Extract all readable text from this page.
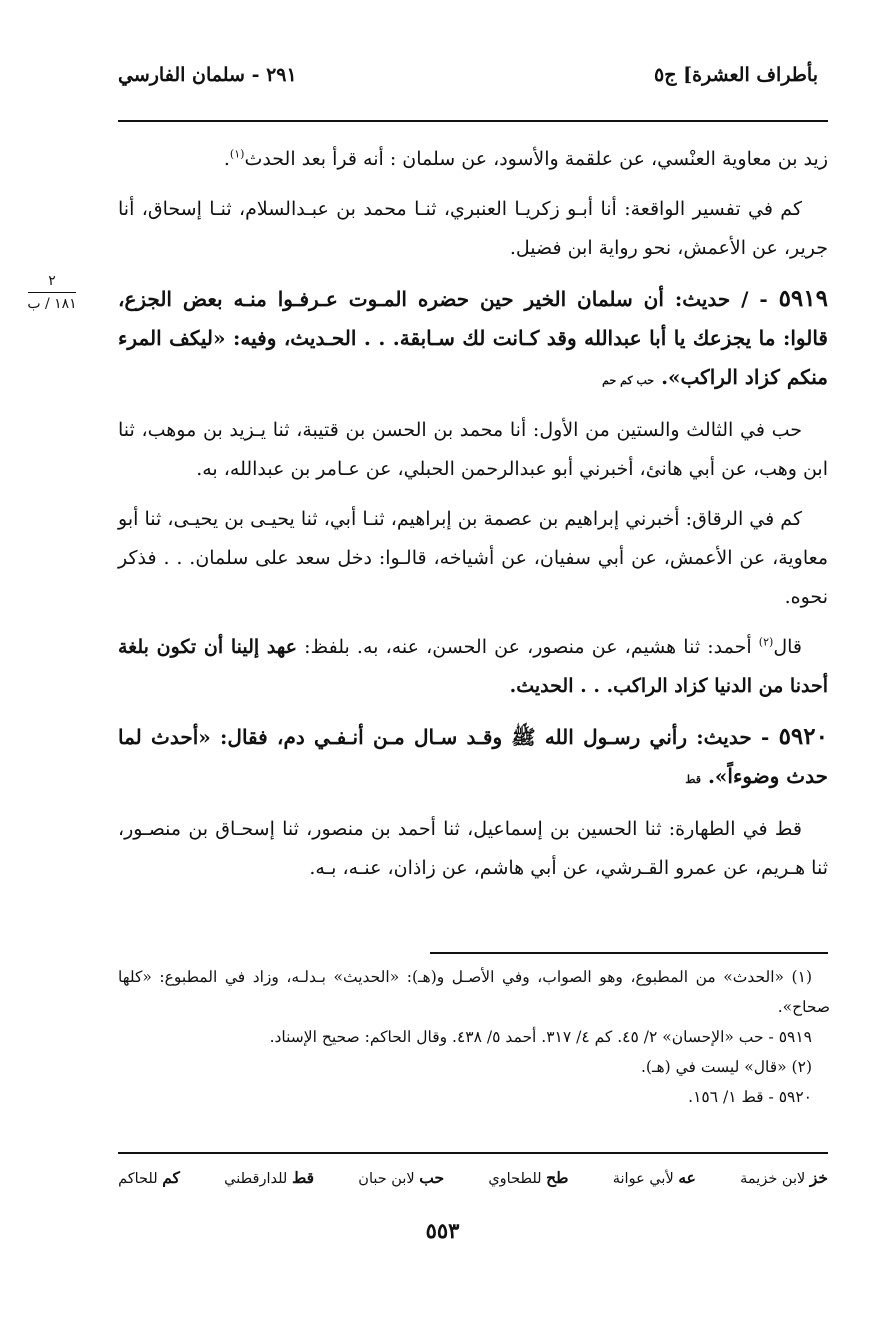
بأطراف العشرة] ج٥
٢٩١ - سلمان الفارسي
٢
١٨١ / ب

زيد بن معاوية العنْسي، عن علقمة والأسود، عن سلمان : أنه قرأ بعد الحدث$^{(١)}$.

كم في تفسير الواقعة: أنا أبـو زكريـا العنبري، ثنـا محمد بن عبـدالسلام، ثنـا إسحاق، أنا جرير، عن الأعمش، نحو رواية ابن فضيل.

٥٩١٩ - / حديث: أن سلمان الخير حين حضره المـوت عـرفـوا منـه بعض الجزع، قالوا: ما يجزعك يا أبا عبدالله وقد كـانت لك سـابقة. . . الحـديث، وفيه: «ليكف المرء منكم كزاد الراكب». حب كم حم

حب في الثالث والستين من الأول: أنا محمد بن الحسن بن قتيبة، ثنا يـزيد بن موهب، ثنا ابن وهب، عن أبي هانئ، أخبرني أبو عبدالرحمن الحبلي، عن عـامر بن عبدالله، به.

كم في الرقاق: أخبرني إبراهيم بن عصمة بن إبراهيم، ثنـا أبي، ثنا يحيـى بن يحيـى، ثنا أبو معاوية، عن الأعمش، عن أبي سفيان، عن أشياخه، قالـوا: دخل سعد على سلمان. . . فذكر نحوه.

قال$^{(٢)}$ أحمد: ثنا هشيم، عن منصور، عن الحسن، عنه، به. بلفظ: عهد إلينا أن تكون بلغة أحدنا من الدنيا كزاد الراكب. . . الحديث.

٥٩٢٠ - حديث: رأني رسـول الله ﷺ وقـد سـال مـن أنـفـي دم، فقال: «أحدث لما حدث وضوءاً». قط

قط في الطهارة: ثنا الحسين بن إسماعيل، ثنا أحمد بن منصور، ثنا إسحـاق بن منصـور، ثنا هـريم، عن عمرو القـرشي، عن أبي هاشم، عن زاذان، عنـه، بـه.

(١) «الحدث» من المطبوع، وهو الصواب، وفي الأصـل و(هـ): «الحديث» بـدلـه، وزاد في المطبوع: «كلها صحاح».

٥٩١٩ - حب «الإحسان» ٢/ ٤٥. كم ٤/ ٣١٧. أحمد ٥/ ٤٣٨. وقال الحاكم: صحيح الإسناد.

(٢) «قال» ليست في (هـ).

٥٩٢٠ - قط ١/ ١٥٦.

خز لابن خزيمة
عه لأبي عوانة
طح للطحاوي
حب لابن حبان
قط للدارقطني
كم للحاكم
٥٥٣
